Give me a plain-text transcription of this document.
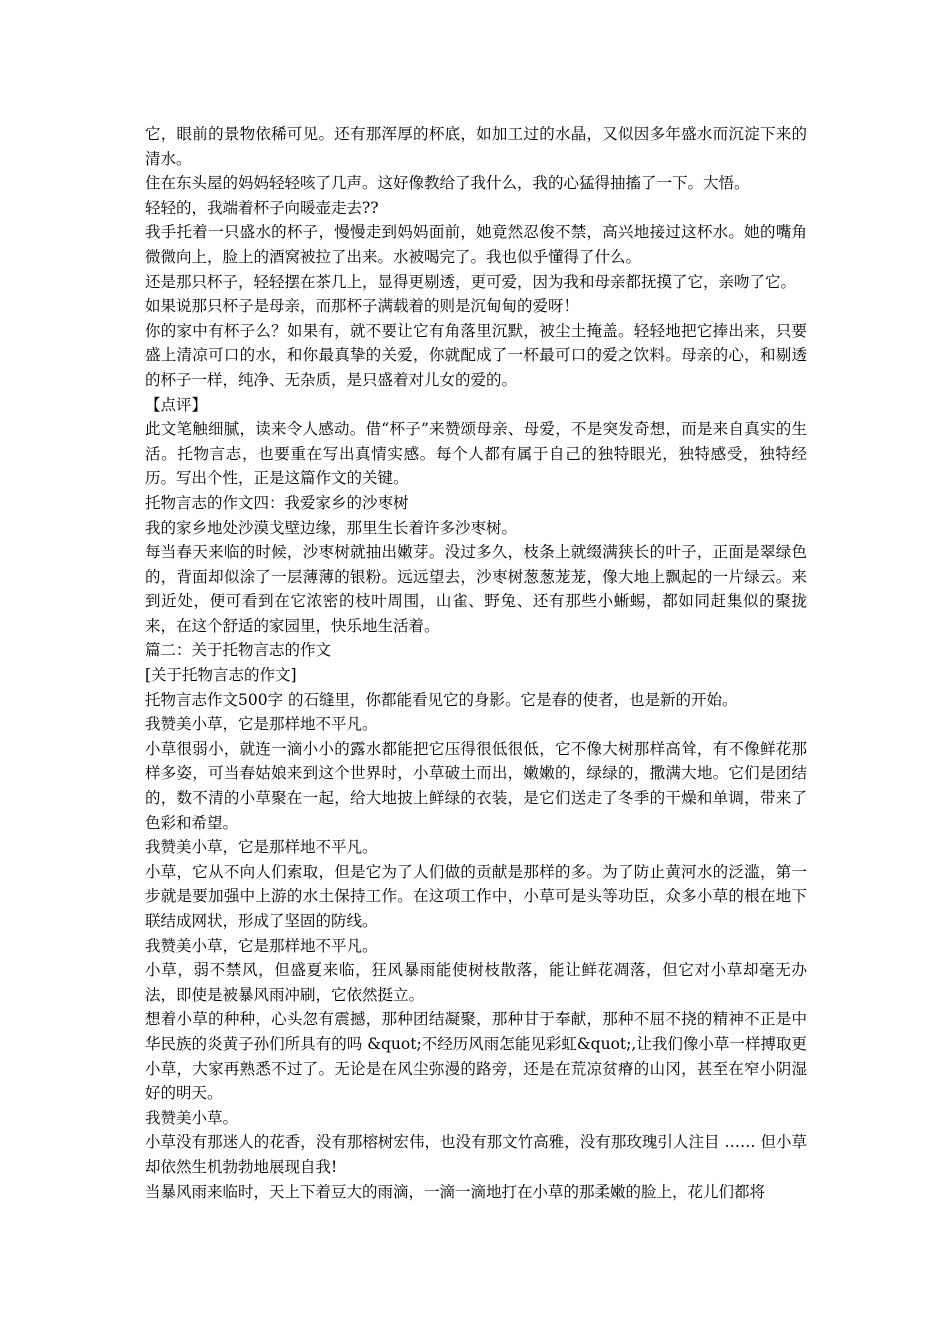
它，眼前的景物依稀可见。还有那浑厚的杯底，如加工过的水晶，又似因多年盛水而沉淀下来的清水。

住在东头屋的妈妈轻轻咳了几声。这好像教给了我什么，我的心猛得抽搐了一下。大悟。

轻轻的，我端着杯子向暖壶走去??

我手托着一只盛水的杯子，慢慢走到妈妈面前，她竟然忍俊不禁，高兴地接过这杯水。她的嘴角微微向上，脸上的酒窝被拉了出来。水被喝完了。我也似乎懂得了什么。

还是那只杯子，轻轻摆在茶几上，显得更剔透，更可爱，因为我和母亲都抚摸了它，亲吻了它。

如果说那只杯子是母亲，而那杯子满载着的则是沉甸甸的爱呀！

你的家中有杯子么？如果有，就不要让它有角落里沉默，被尘土掩盖。轻轻地把它捧出来，只要盛上清凉可口的水，和你最真挚的关爱，你就配成了一杯最可口的爱之饮料。母亲的心，和剔透的杯子一样，纯净、无杂质，是只盛着对儿女的爱的。

【点评】

此文笔触细腻，读来令人感动。借“杯子”来赞颂母亲、母爱，不是突发奇想，而是来自真实的生活。托物言志，也要重在写出真情实感。每个人都有属于自己的独特眼光，独特感受，独特经历。写出个性，正是这篇作文的关键。

托物言志的作文四：我爱家乡的沙枣树

我的家乡地处沙漠戈壁边缘，那里生长着许多沙枣树。

每当春天来临的时候，沙枣树就抽出嫩芽。没过多久，枝条上就缀满狭长的叶子，正面是翠绿色的，背面却似涂了一层薄薄的银粉。远远望去，沙枣树葱葱茏茏，像大地上飘起的一片绿云。来到近处，便可看到在它浓密的枝叶周围，山雀、野兔、还有那些小蜥蜴，都如同赶集似的聚拢来，在这个舒适的家园里，快乐地生活着。

篇二：关于托物言志的作文

[关于托物言志的作文]

托物言志作文500字 的石缝里，你都能看见它的身影。它是春的使者，也是新的开始。

我赞美小草，它是那样地不平凡。

小草很弱小，就连一滴小小的露水都能把它压得很低很低，它不像大树那样高耸，有不像鲜花那样多姿，可当春姑娘来到这个世界时，小草破土而出，嫩嫩的，绿绿的，撒满大地。它们是团结的，数不清的小草聚在一起，给大地披上鲜绿的衣装，是它们送走了冬季的干燥和单调，带来了色彩和希望。

我赞美小草，它是那样地不平凡。

小草，它从不向人们索取，但是它为了人们做的贡献是那样的多。为了防止黄河水的泛滥，第一步就是要加强中上游的水土保持工作。在这项工作中，小草可是头等功臣，众多小草的根在地下联结成网状，形成了坚固的防线。

我赞美小草，它是那样地不平凡。

小草，弱不禁风，但盛夏来临，狂风暴雨能使树枝散落，能让鲜花凋落，但它对小草却毫无办法，即使是被暴风雨冲刷，它依然挺立。

想着小草的种种，心头忽有震撼，那种团结凝聚，那种甘于奉献，那种不屈不挠的精神不正是中华民族的炎黄子孙们所具有的吗 &quot;不经历风雨怎能见彩虹&quot;,让我们像小草一样搏取更小草，大家再熟悉不过了。无论是在风尘弥漫的路旁，还是在荒凉贫瘠的山冈，甚至在窄小阴湿好的明天。

我赞美小草。

小草没有那迷人的花香，没有那榕树宏伟，也没有那文竹高雅，没有那玫瑰引人注目 …… 但小草却依然生机勃勃地展现自我!

当暴风雨来临时，天上下着豆大的雨滴，一滴一滴地打在小草的那柔嫩的脸上，花儿们都将
